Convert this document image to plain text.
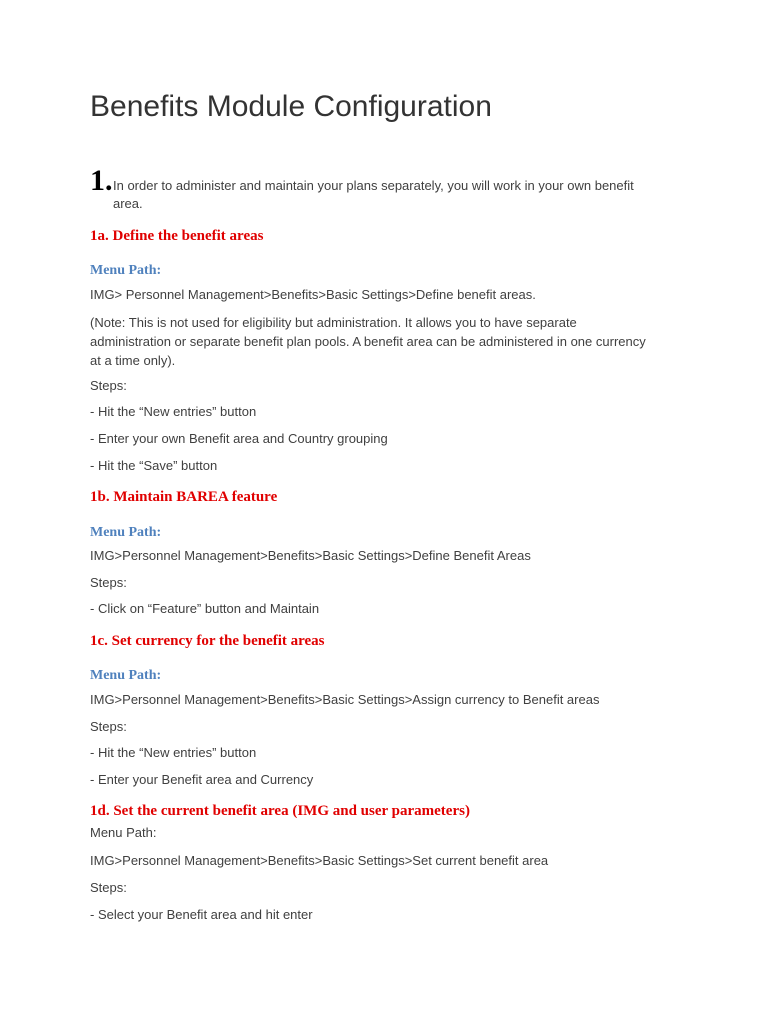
Benefits Module Configuration
1. In order to administer and maintain your plans separately, you will work in your own benefit area.
1a. Define the benefit areas
Menu Path:
IMG> Personnel Management>Benefits>Basic Settings>Define benefit areas.
(Note: This is not used for eligibility but administration. It allows you to have separate administration or separate benefit plan pools. A benefit area can be administered in one currency at a time only).
Steps:
- Hit the “New entries” button
- Enter your own Benefit area and Country grouping
- Hit the “Save” button
1b. Maintain BAREA feature
Menu Path:
IMG>Personnel Management>Benefits>Basic Settings>Define Benefit Areas
Steps:
- Click on “Feature” button and Maintain
1c. Set currency for the benefit areas
Menu Path:
IMG>Personnel Management>Benefits>Basic Settings>Assign currency to Benefit areas
Steps:
- Hit the “New entries” button
- Enter your Benefit area and Currency
1d. Set the current benefit area (IMG and user parameters)
Menu Path:
IMG>Personnel Management>Benefits>Basic Settings>Set current benefit area
Steps:
- Select your Benefit area and hit enter
